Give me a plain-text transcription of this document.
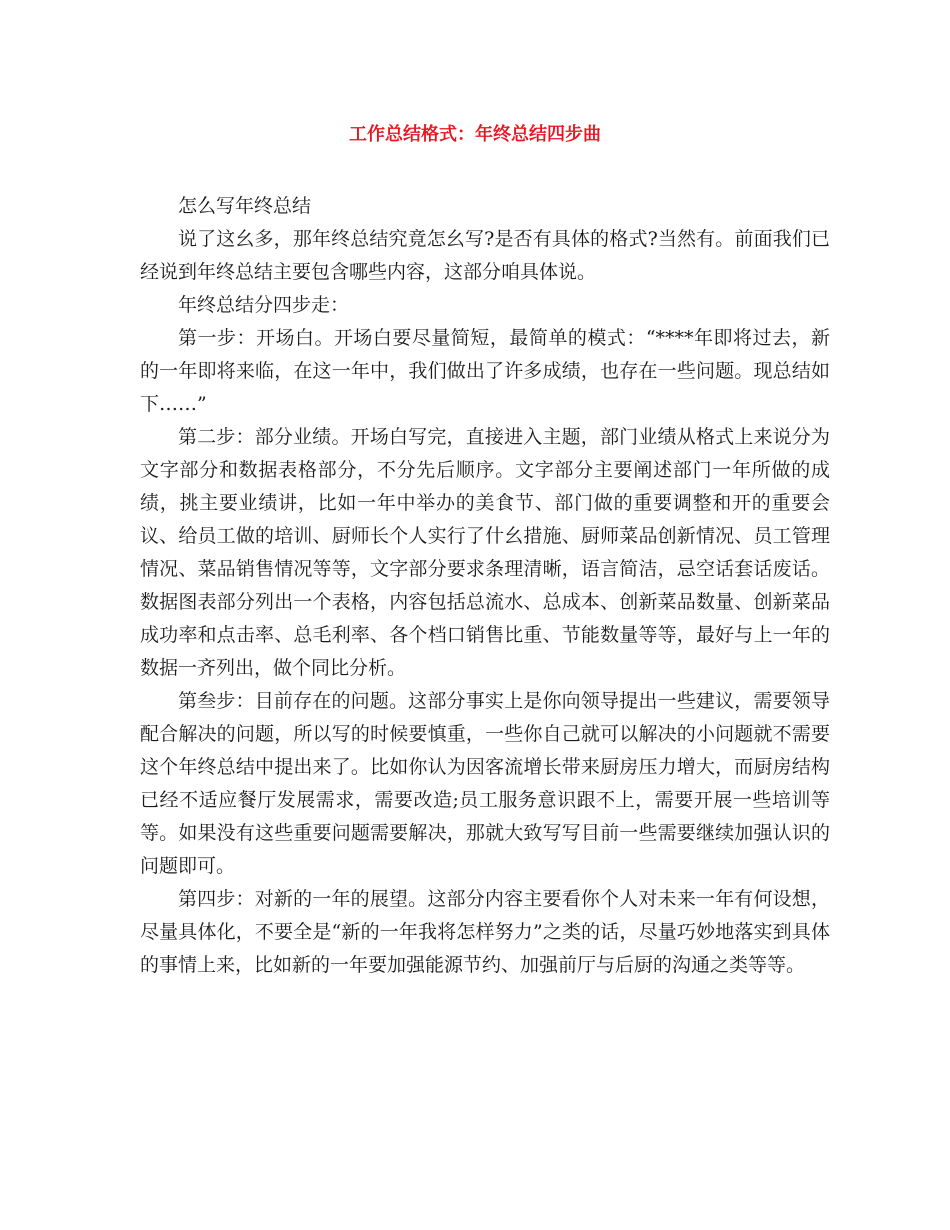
工作总结格式：年终总结四步曲

怎么写年终总结

说了这幺多，那年终总结究竟怎幺写?是否有具体的格式?当然有。前面我们已经说到年终总结主要包含哪些内容，这部分咱具体说。

年终总结分四步走：

第一步：开场白。开场白要尽量简短，最简单的模式：“****年即将过去，新的一年即将来临，在这一年中，我们做出了许多成绩，也存在一些问题。现总结如下……”

第二步：部分业绩。开场白写完，直接进入主题，部门业绩从格式上来说分为文字部分和数据表格部分，不分先后顺序。文字部分主要阐述部门一年所做的成绩，挑主要业绩讲，比如一年中举办的美食节、部门做的重要调整和开的重要会议、给员工做的培训、厨师长个人实行了什幺措施、厨师菜品创新情况、员工管理情况、菜品销售情况等等，文字部分要求条理清晰，语言简洁，忌空话套话废话。数据图表部分列出一个表格，内容包括总流水、总成本、创新菜品数量、创新菜品成功率和点击率、总毛利率、各个档口销售比重、节能数量等等，最好与上一年的数据一齐列出，做个同比分析。

第叁步：目前存在的问题。这部分事实上是你向领导提出一些建议，需要领导配合解决的问题，所以写的时候要慎重，一些你自己就可以解决的小问题就不需要这个年终总结中提出来了。比如你认为因客流增长带来厨房压力增大，而厨房结构已经不适应餐厅发展需求，需要改造;员工服务意识跟不上，需要开展一些培训等等。如果没有这些重要问题需要解决，那就大致写写目前一些需要继续加强认识的问题即可。

第四步：对新的一年的展望。这部分内容主要看你个人对未来一年有何设想，尽量具体化，不要全是“新的一年我将怎样努力”之类的话，尽量巧妙地落实到具体的事情上来，比如新的一年要加强能源节约、加强前厅与后厨的沟通之类等等。
